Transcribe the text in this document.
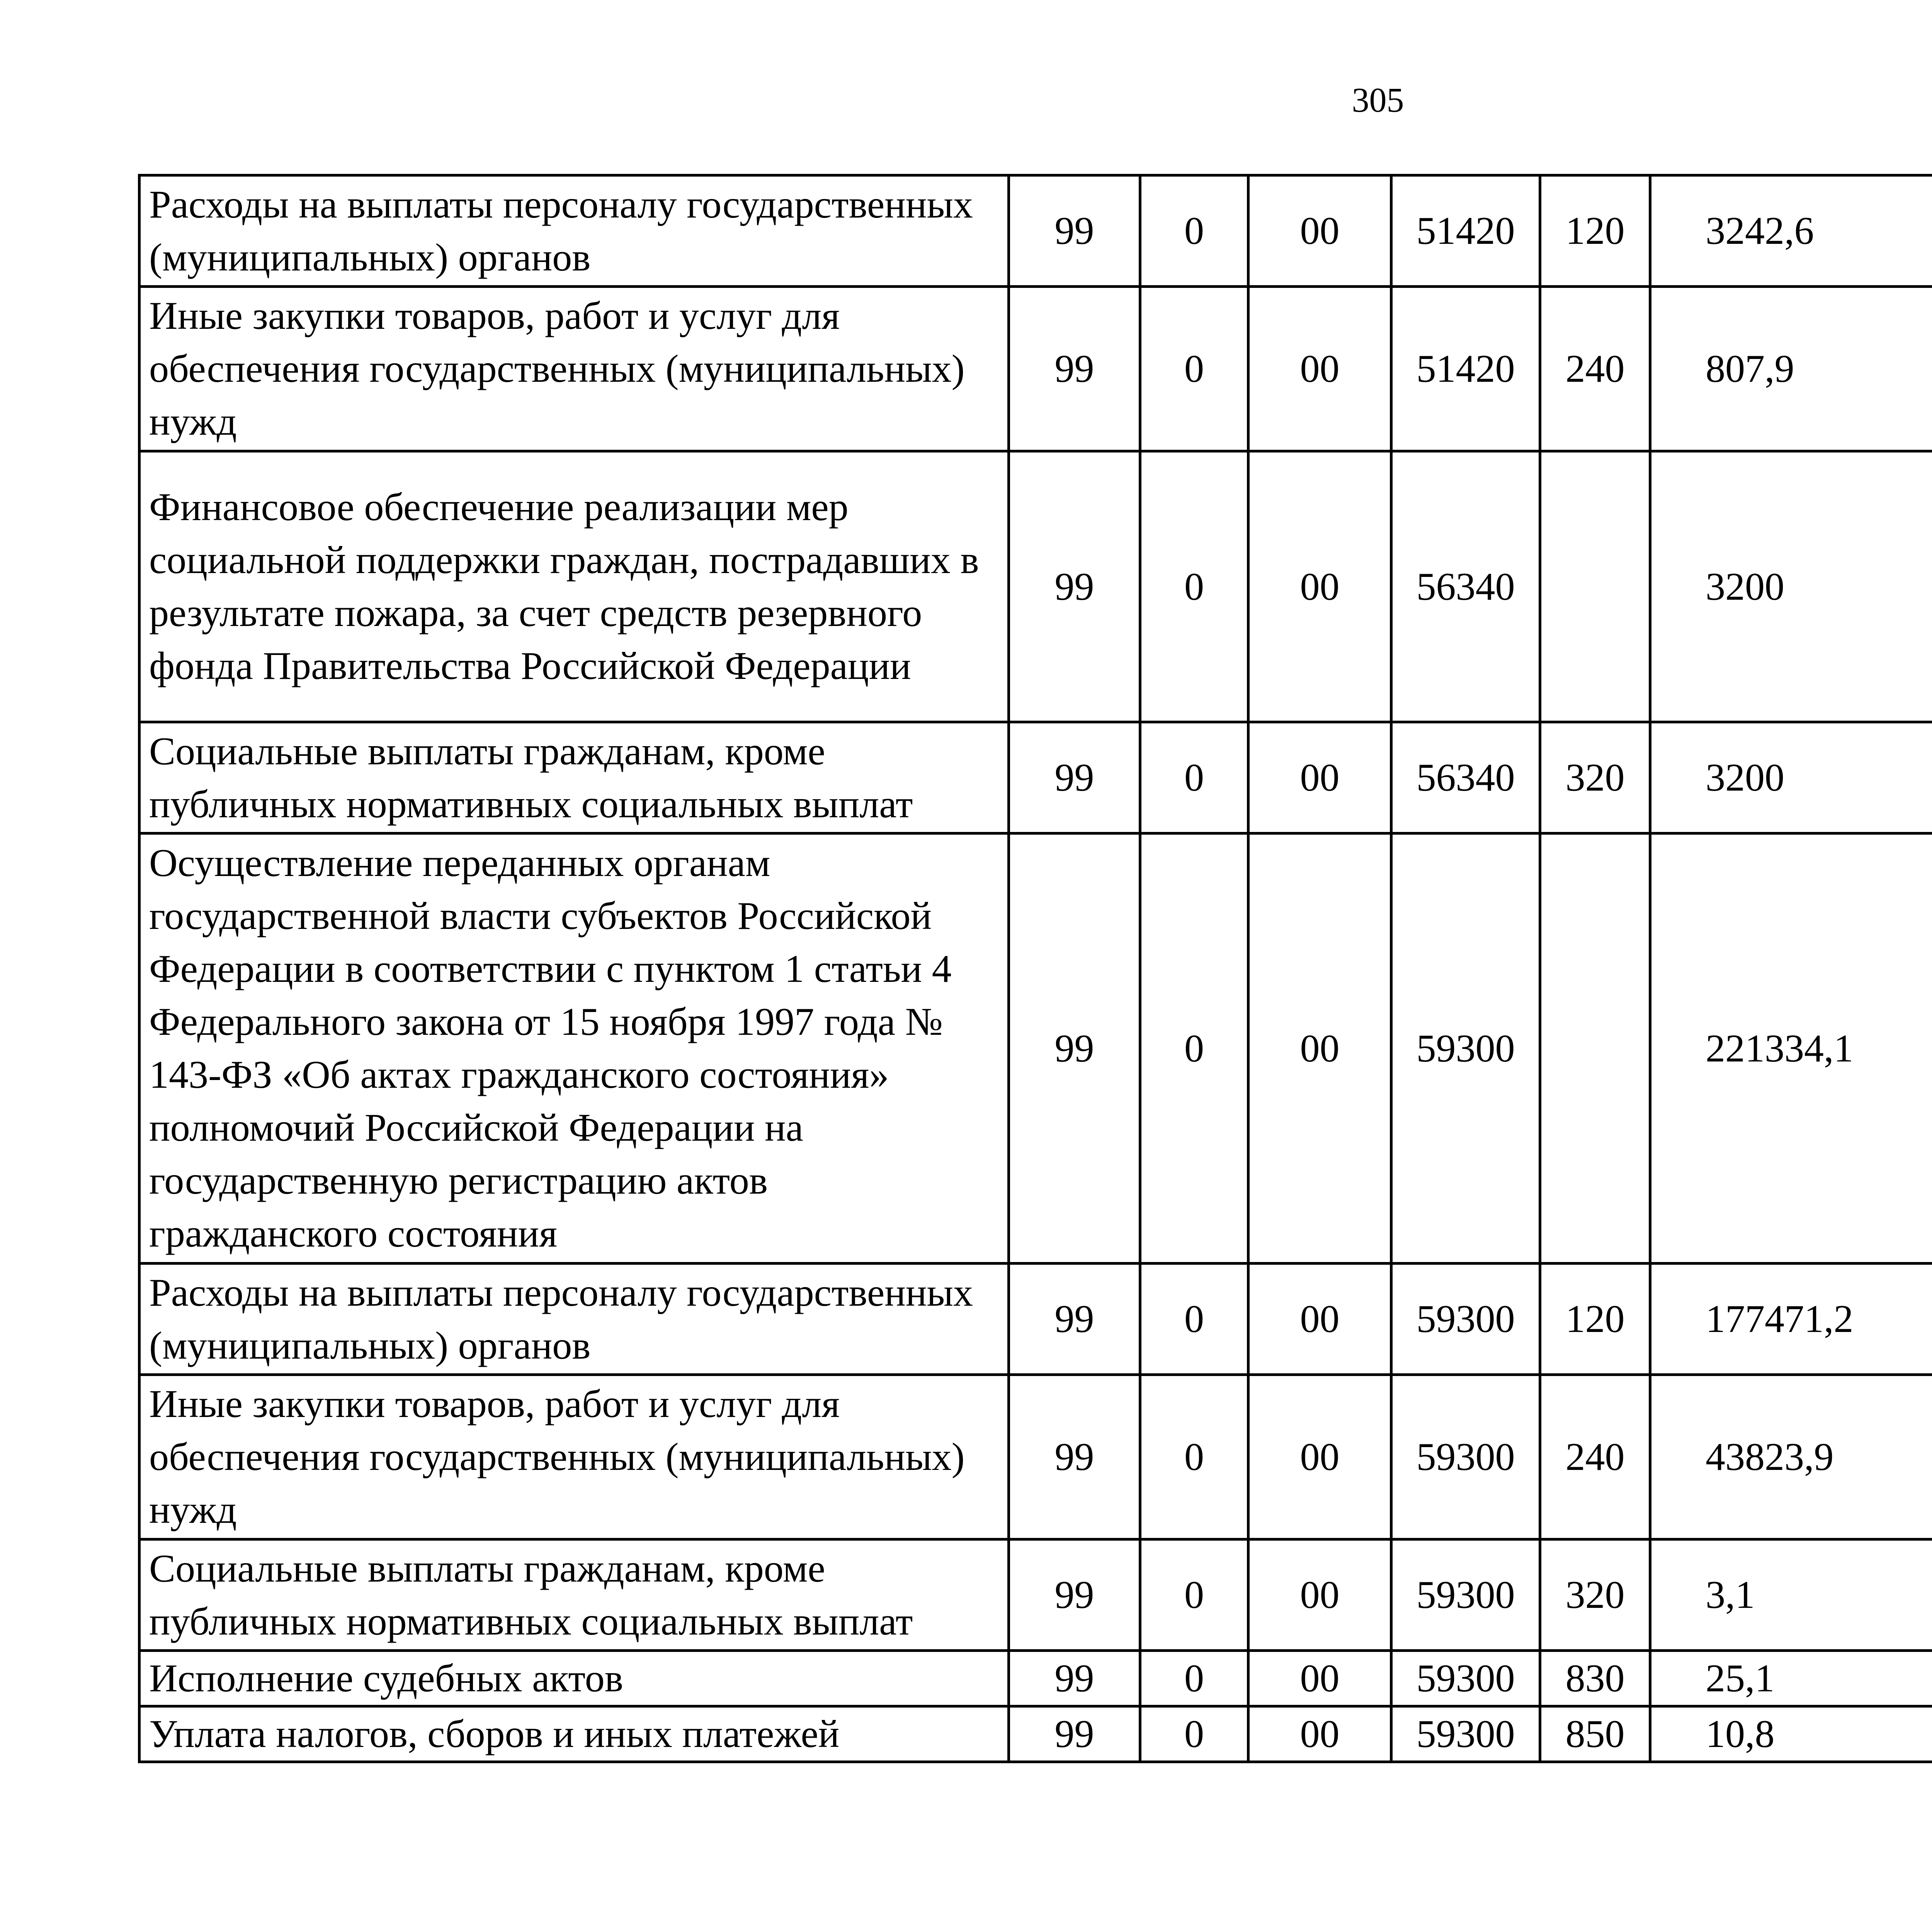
305
Расходы на выплаты персоналу государственных (муниципальных) органов	99	0	00	51420	120	3242,6		
Иные закупки товаров, работ и услуг для обеспечения государственных (муниципальных) нужд	99	0	00	51420	240	807,9		
Финансовое обеспечение реализации мер социальной поддержки граждан, пострадавших в результате пожара, за счет средств резервного фонда Правительства Российской Федерации	99	0	00	56340		3200		
Социальные выплаты гражданам, кроме публичных нормативных социальных выплат	99	0	00	56340	320	3200		
Осуществление переданных органам государственной власти субъектов Российской Федерации в соответствии с пунктом 1 статьи 4 Федерального закона от 15 ноября 1997 года № 143-ФЗ «Об актах гражданского состояния» полномочий Российской Федерации на государственную регистрацию актов гражданского состояния	99	0	00	59300		221334,1		
Расходы на выплаты персоналу государственных (муниципальных) органов	99	0	00	59300	120	177471,2		
Иные закупки товаров, работ и услуг для обеспечения государственных (муниципальных) нужд	99	0	00	59300	240	43823,9		
Социальные выплаты гражданам, кроме публичных нормативных социальных выплат	99	0	00	59300	320	3,1		
Исполнение судебных актов	99	0	00	59300	830	25,1		
Уплата налогов, сборов и иных платежей	99	0	00	59300	850	10,8		
